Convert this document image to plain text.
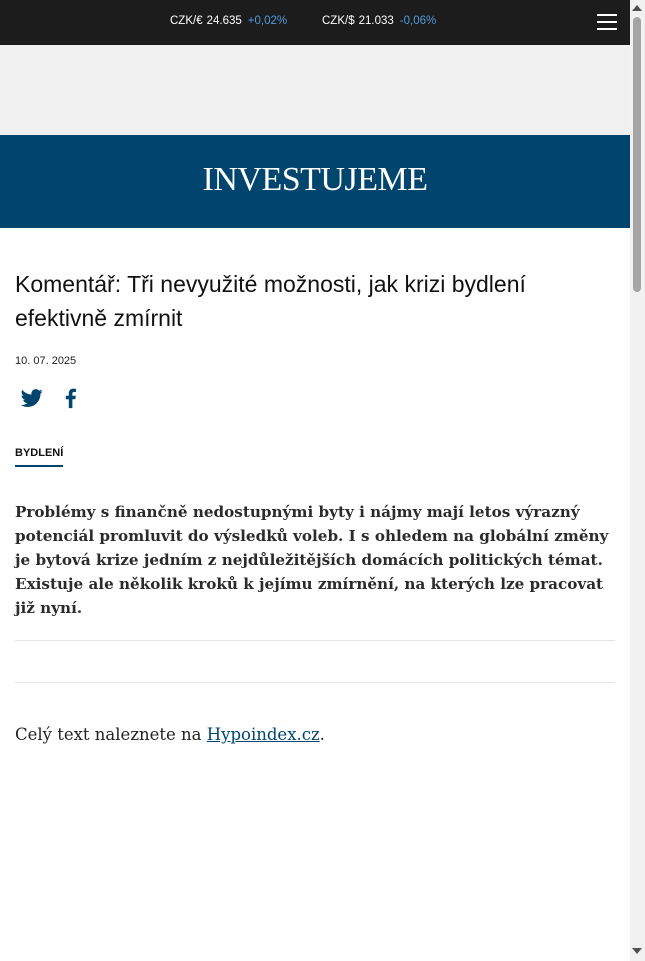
CZK/€ 24.635 +0,02%	CZK/$ 21.033 -0,06%
INVESTUJEME
Komentář: Tři nevyužité možnosti, jak krizi bydlení efektivně zmírnit
10. 07. 2025
BYDLENÍ

Problémy s finančně nedostupnými byty i nájmy mají letos výrazný potenciál promluvit do výsledků voleb. I s ohledem na globální změny je bytová krize jedním z nejdůležitějších domácích politických témat. Existuje ale několik kroků k jejímu zmírnění, na kterých lze pracovat již nyní.

Celý text naleznete na Hypoindex.cz.
